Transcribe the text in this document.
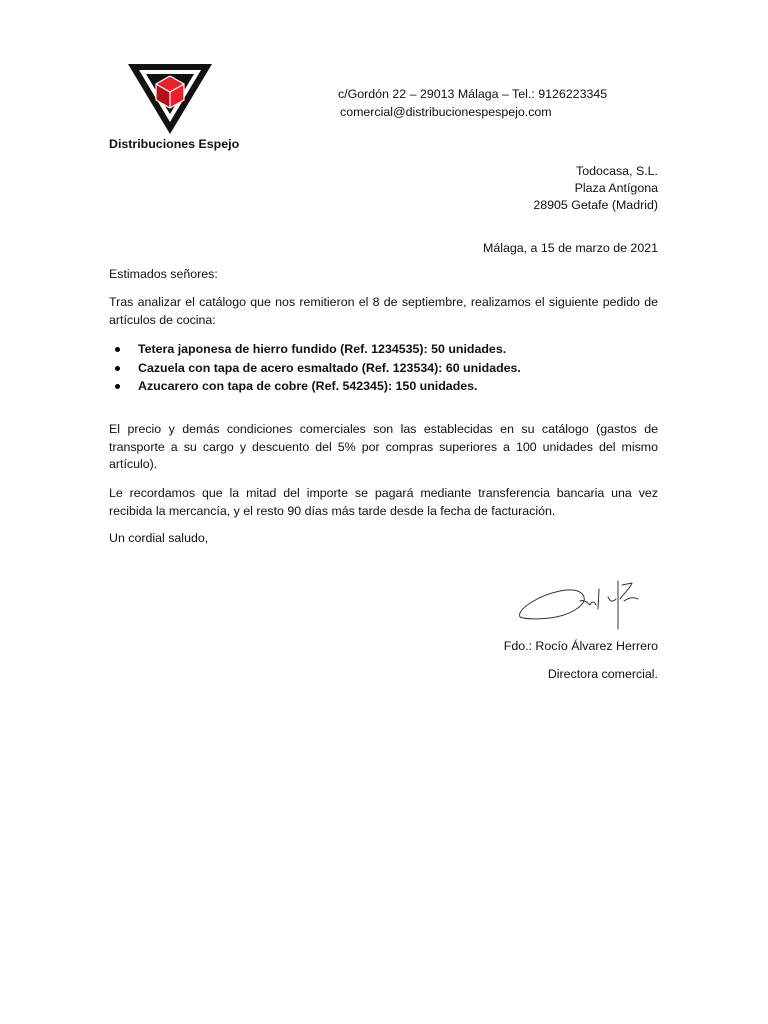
Distribuciones Espejo
c/Gordón 22 – 29013 Málaga – Tel.: 9126223345
comercial@distribucionespespejo.com
Todocasa, S.L.
Plaza Antígona
28905 Getafe (Madrid)
Málaga, a 15 de marzo de 2021
Estimados señores:
Tras analizar el catálogo que nos remitieron el 8 de septiembre, realizamos el siguiente pedido de artículos de cocina:
Tetera japonesa de hierro fundido (Ref. 1234535): 50 unidades.
Cazuela con tapa de acero esmaltado (Ref. 123534): 60 unidades.
Azucarero con tapa de cobre (Ref. 542345): 150 unidades.
El precio y demás condiciones comerciales son las establecidas en su catálogo (gastos de transporte a su cargo y descuento del 5% por compras superiores a 100 unidades del mismo artículo).
Le recordamos que la mitad del importe se pagará mediante transferencia bancaria una vez recibida la mercancía, y el resto 90 días más tarde desde la fecha de facturación.
Un cordial saludo,
Fdo.: Rocío Álvarez Herrero
Directora comercial.
